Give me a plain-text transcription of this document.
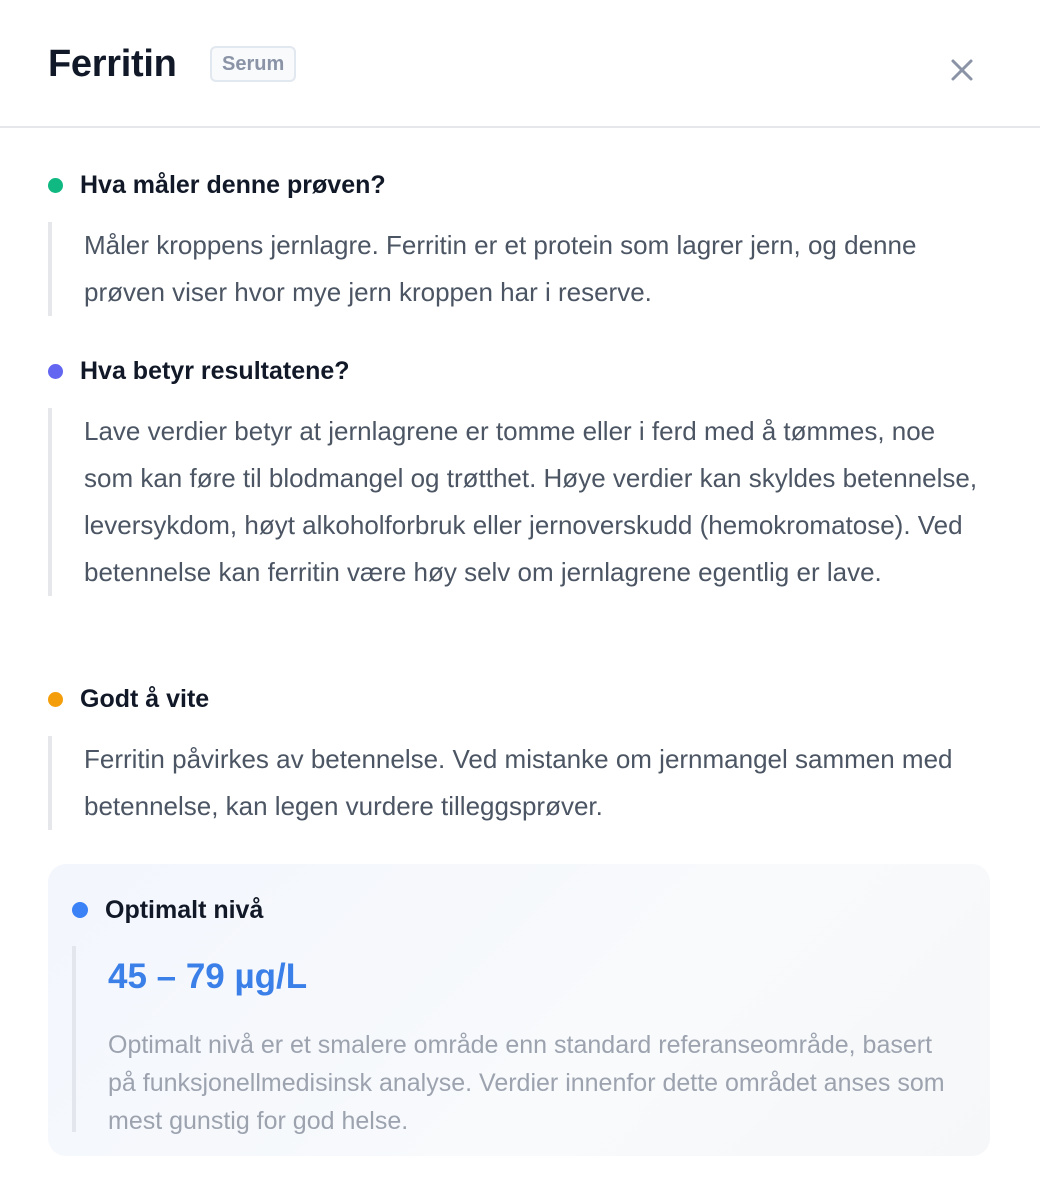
Ferritin	Serum
Hva måler denne prøven?
Måler kroppens jernlagre. Ferritin er et protein som lagrer jern, og denne prøven viser hvor mye jern kroppen har i reserve.
Hva betyr resultatene?
Lave verdier betyr at jernlagrene er tomme eller i ferd med å tømmes, noe som kan føre til blodmangel og trøtthet. Høye verdier kan skyldes betennelse, leversykdom, høyt alkoholforbruk eller jernoverskudd (hemokromatose). Ved betennelse kan ferritin være høy selv om jernlagrene egentlig er lave.
Godt å vite
Ferritin påvirkes av betennelse. Ved mistanke om jernmangel sammen med betennelse, kan legen vurdere tilleggsprøver.
Optimalt nivå
45 – 79 µg/L
Optimalt nivå er et smalere område enn standard referanseområde, basert på funksjonellmedisinsk analyse. Verdier innenfor dette området anses som mest gunstig for god helse.
